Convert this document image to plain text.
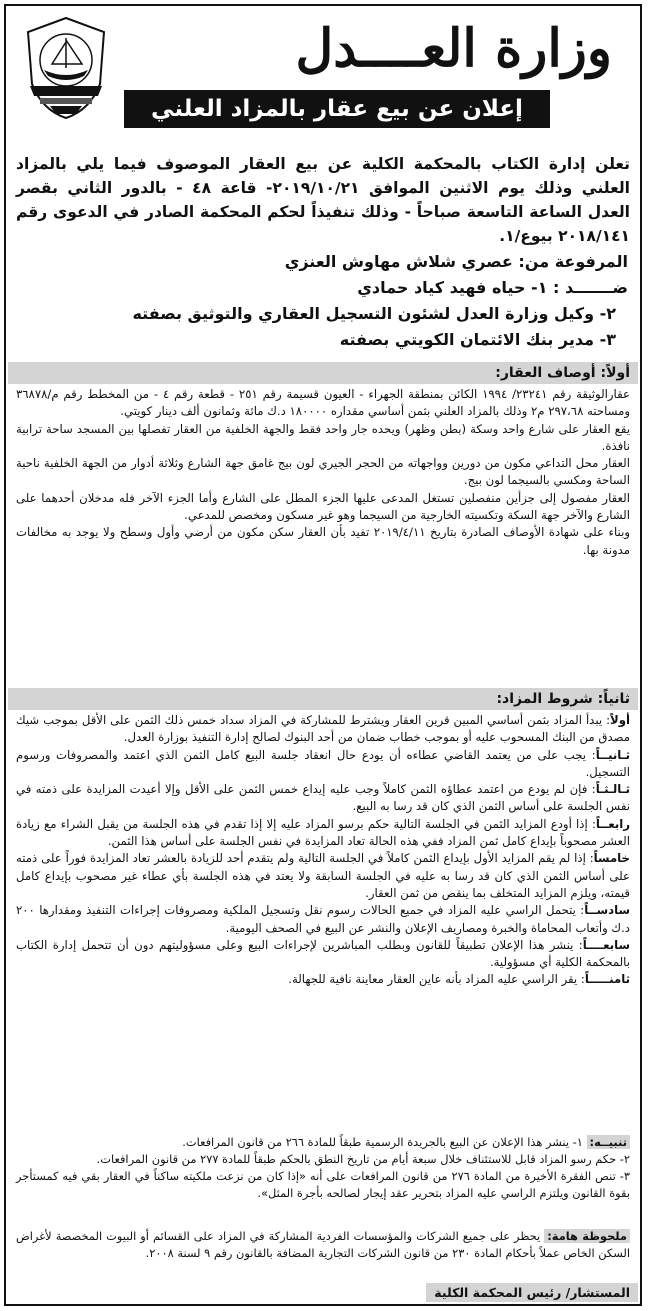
وزارة العــــدل
إعلان عن بيع عقار بالمزاد العلني
تعلن إدارة الكتاب بالمحكمة الكلية عن بيع العقار الموصوف فيما يلي بالمزاد العلني وذلك يوم الاثنين الموافق ٢٠١٩/١٠/٢١- قاعة ٤٨ - بالدور الثاني بقصر العدل الساعة التاسعة صباحاً - وذلك تنفيذاً لحكم المحكمة الصادر في الدعوى رقم ٢٠١٨/١٤١ بيوع/١.
المرفوعة من: عصري شلاش مهاوش العنزي
ضـــــــد : ١- حياه فهيد كياد حمادي
٢- وكيل وزارة العدل لشئون التسجيل العقاري والتوثيق بصفته
٣- مدير بنك الائتمان الكويتي بصفته
أولاً: أوصاف العقار:

عقارالوثيقة رقم ٢٣٢٤١/ ١٩٩٤ الكائن بمنطقة الجهراء - العيون قسيمة رقم ٢٥١ - قطعة رقم ٤ - من المخطط رقم م/٣٦٨٧٨ ومساحته ٢٩٧،٦٨ م٢ وذلك بالمزاد العلني بثمن أساسي مقداره ١٨٠٠٠٠ د.ك مائة وثمانون ألف دينار كويتي.

يقع العقار على شارع واحد وسكة (بطن وظهر) ويحده جار واحد فقط والجهة الخلفية من العقار تفصلها بين المسجد ساحة ترابية نافذة.

العقار محل التداعي مكون من دورين وواجهاته من الحجر الجيري لون بيج غامق جهة الشارع وثلاثة أدوار من الجهة الخلفية ناحية الساحة ومكسي بالسيجما لون بيج.

العقار مفصول إلى جزأين منفصلين تستغل المدعى عليها الجزء المطل على الشارع وأما الجزء الآخر فله مدخلان أحدهما على الشارع والآخر جهة السكة وتكسيته الخارجية من السيجما وهو غير مسكون ومخصص للمدعي.

وبناء على شهادة الأوصاف الصادرة بتاريخ ٢٠١٩/٤/١١ تفيد بأن العقار سكن مكون من أرضي وأول وسطح ولا يوجد به مخالفات مدونة بها.

ثانياً: شروط المزاد:
أولاً: يبدأ المزاد بثمن أساسي المبين قرين العقار ويشترط للمشاركة في المزاد سداد خمس ذلك الثمن على الأقل بموجب شيك مصدق من البنك المسحوب عليه أو بموجب خطاب ضمان من أحد البنوك لصالح إدارة التنفيذ بوزارة العدل.
ثـانيــاً: يجب على من يعتمد القاضي عطاءه أن يودع حال انعقاد جلسة البيع كامل الثمن الذي اعتمد والمصروفات ورسوم التسجيل.
ثـالـثـاً: فإن لم يودع من اعتمد عطاؤه الثمن كاملاً وجب عليه إيداع خمس الثمن على الأقل وإلا أعيدت المزايدة على ذمته في نفس الجلسة على أساس الثمن الذي كان قد رسا به البيع.
رابعــاً: إذا أودع المزايد الثمن في الجلسة التالية حكم برسو المزاد عليه إلا إذا تقدم في هذه الجلسة من يقبل الشراء مع زيادة العشر مصحوباً بإيداع كامل ثمن المزاد ففي هذه الحالة تعاد المزايدة في نفس الجلسة على أساس هذا الثمن.
خامساً: إذا لم يقم المزايد الأول بإيداع الثمن كاملاً في الجلسة التالية ولم يتقدم أحد للزيادة بالعشر تعاد المزايدة فوراً على ذمته على أساس الثمن الذي كان قد رسا به عليه في الجلسة السابقة ولا يعتد في هذه الجلسة بأي عطاء غير مصحوب بإيداع كامل قيمته، ويلزم المزايد المتخلف بما ينقص من ثمن العقار.
سادســاً: يتحمل الراسي عليه المزاد في جميع الحالات رسوم نقل وتسجيل الملكية ومصروفات إجراءات التنفيذ ومقدارها ٢٠٠ د.ك وأتعاب المحاماة والخبرة ومصاريف الإعلان والنشر عن البيع في الصحف اليومية.
سابعــــاً: ينشر هذا الإعلان تطبيقاً للقانون وبطلب المباشرين لإجراءات البيع وعلى مسؤوليتهم دون أن تتحمل إدارة الكتاب بالمحكمة الكلية أي مسؤولية.
ثامنـــــاً: يقر الراسي عليه المزاد بأنه عاين العقار معاينة نافية للجهالة.
تنبيــه: ١- ينشر هذا الإعلان عن البيع بالجريدة الرسمية طبقاً للمادة ٢٦٦ من قانون المرافعات.
٢- حكم رسو المزاد قابل للاستئناف خلال سبعة أيام من تاريخ النطق بالحكم طبقاً للمادة ٢٧٧ من قانون المرافعات.
٣- تنص الفقرة الأخيرة من المادة ٢٧٦ من قانون المرافعات على أنه «إذا كان من نزعت ملكيته ساكناً في العقار بقي فيه كمستأجر بقوة القانون ويلتزم الراسي عليه المزاد بتحرير عقد إيجار لصالحه بأجرة المثل».
ملحوظة هامة: يحظر على جميع الشركات والمؤسسات الفردية المشاركة في المزاد على القسائم أو البيوت المخصصة لأغراض السكن الخاص عملاً بأحكام المادة ٢٣٠ من قانون الشركات التجارية المضافة بالقانون رقم ٩ لسنة ٢٠٠٨.
المستشار/ رئيس المحكمة الكلية
